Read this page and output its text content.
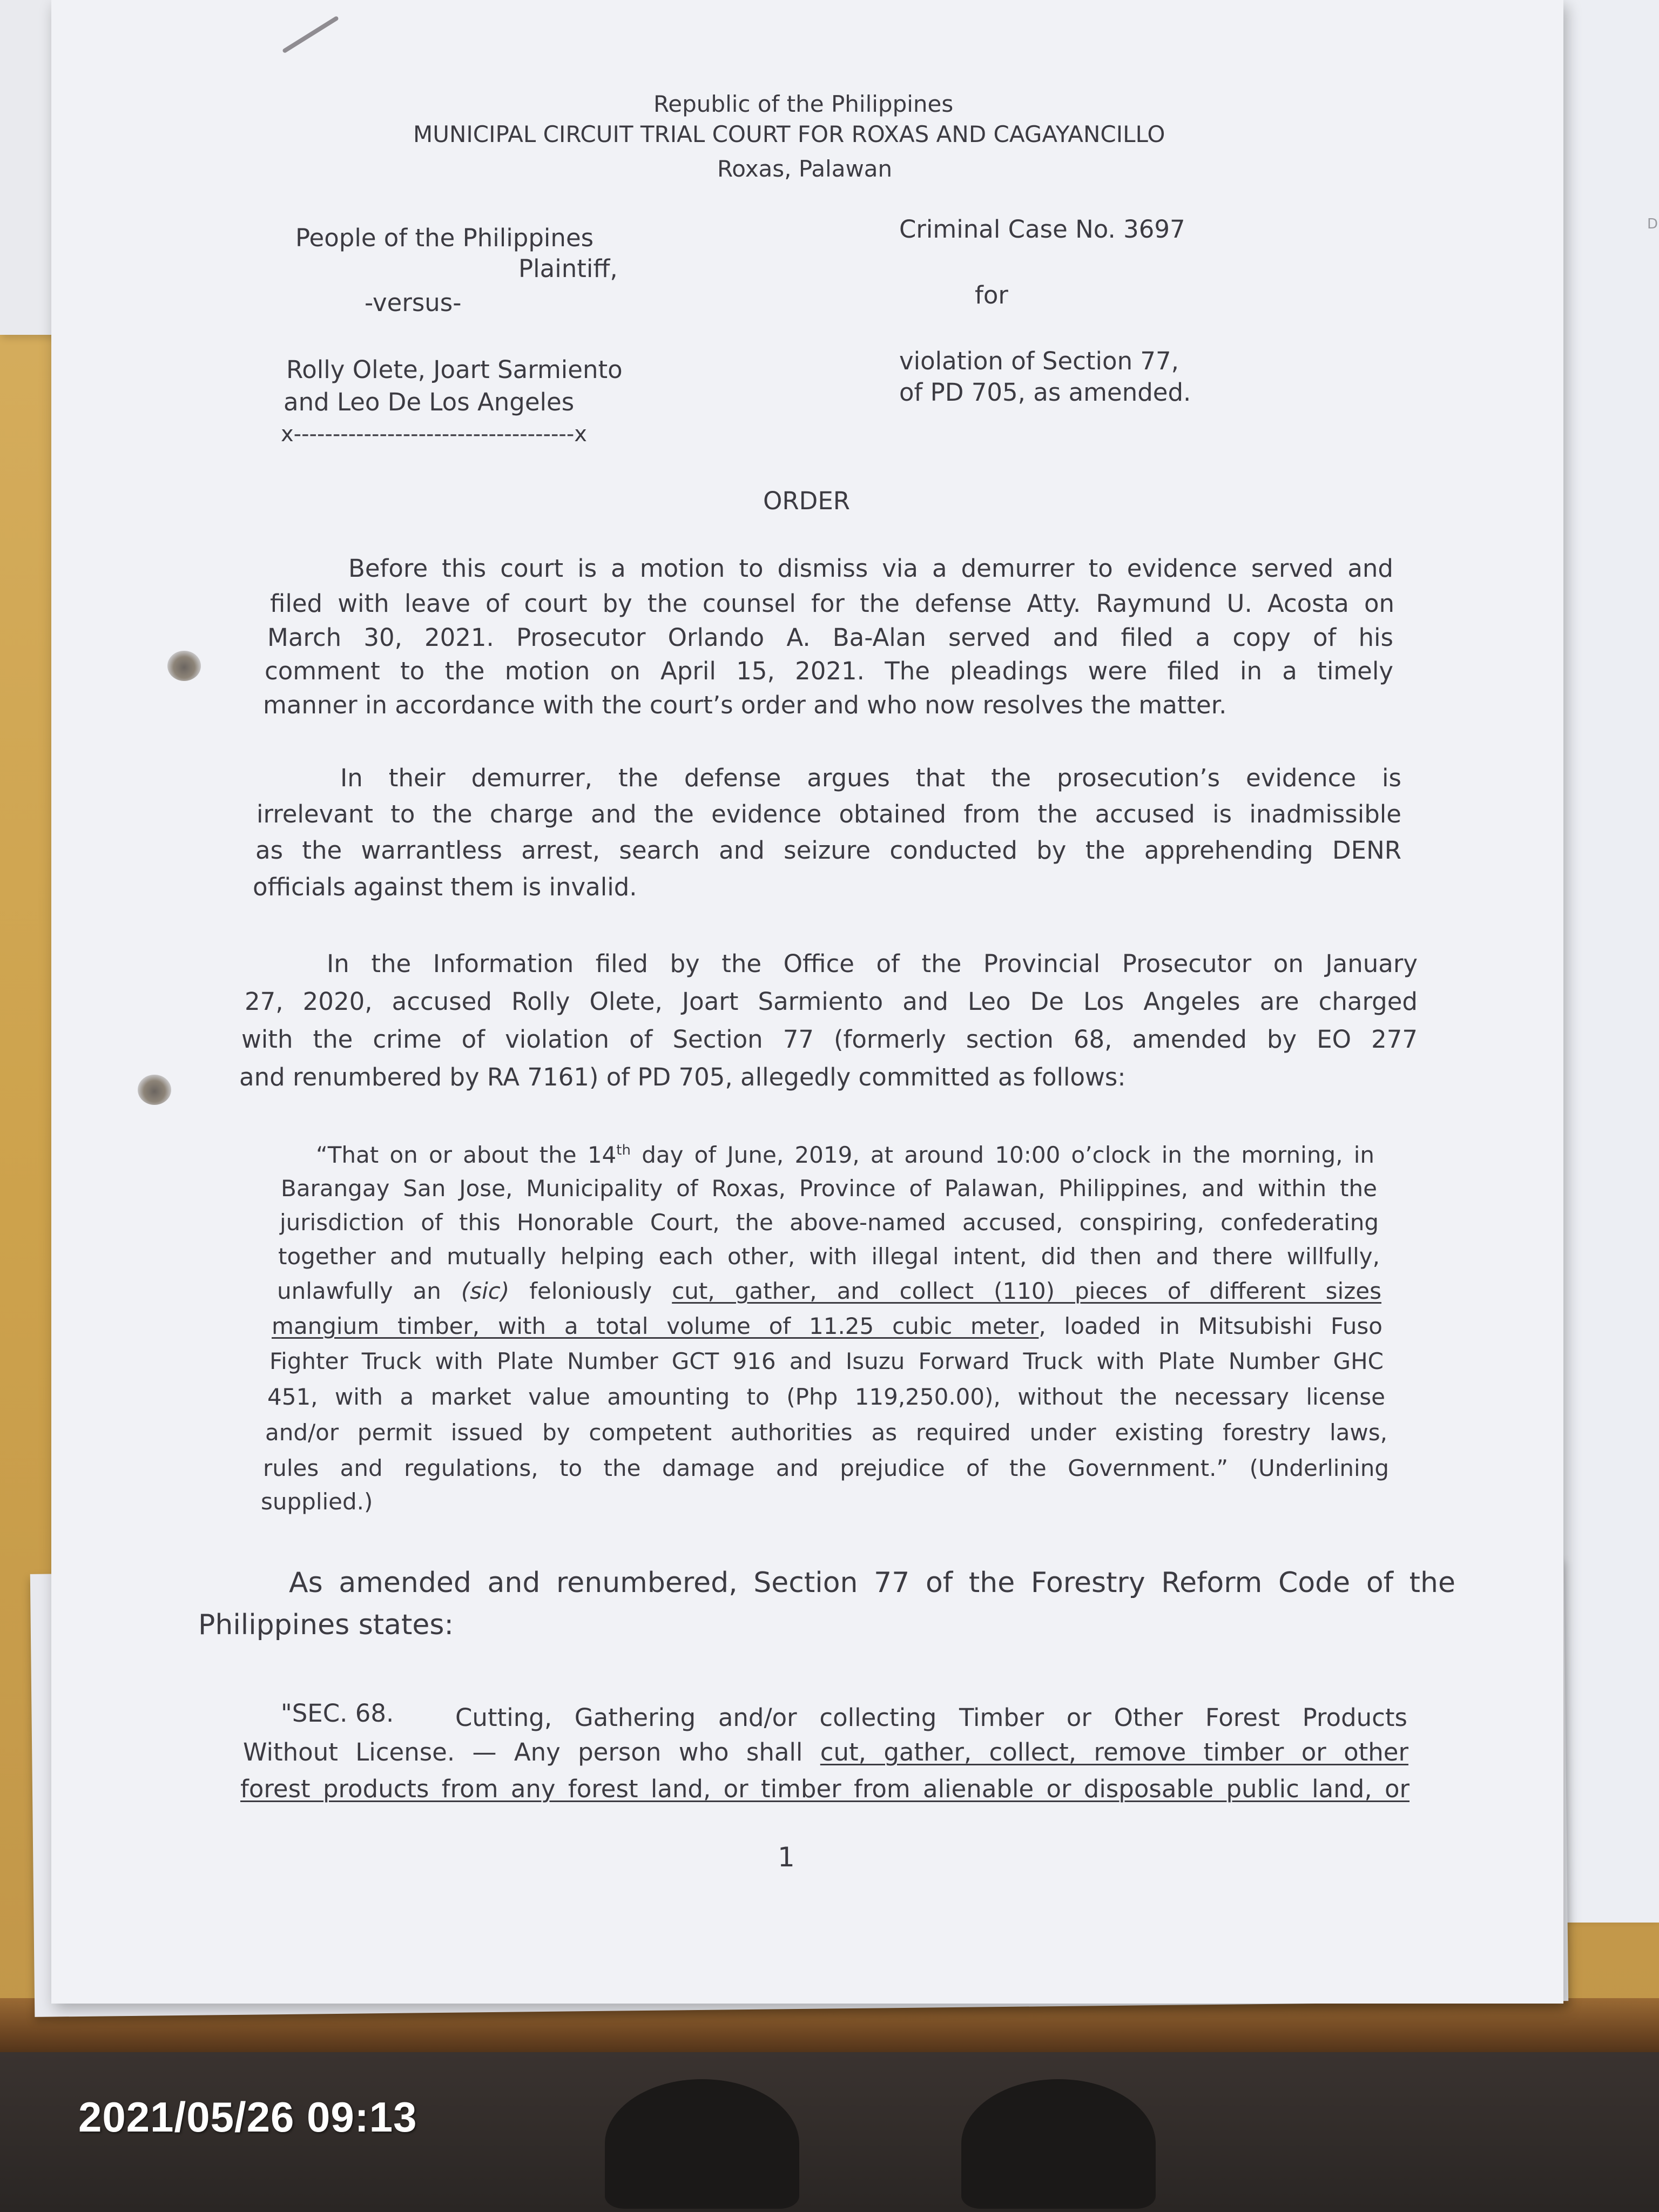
D
Republic of the Philippines
MUNICIPAL CIRCUIT TRIAL COURT FOR ROXAS AND CAGAYANCILLO
Roxas, Palawan
People of the Philippines
Plaintiff,
-versus-
Rolly Olete, Joart Sarmiento
and Leo De Los Angeles
x------------------------------------x
Criminal Case No. 3697
for
violation of Section 77,
of PD 705, as amended.
ORDER
Before this court is a motion to dismiss via a demurrer to evidence served and
filed with leave of court by the counsel for the defense Atty. Raymund U. Acosta on
March 30, 2021. Prosecutor Orlando A. Ba-Alan served and filed a copy of his
comment to the motion on April 15, 2021. The pleadings were filed in a timely
manner in accordance with the court’s order and who now resolves the matter.
In their demurrer, the defense argues that the prosecution’s evidence is
irrelevant to the charge and the evidence obtained from the accused is inadmissible
as the warrantless arrest, search and seizure conducted by the apprehending DENR
officials against them is invalid.
In the Information filed by the Office of the Provincial Prosecutor on January
27, 2020, accused Rolly Olete, Joart Sarmiento and Leo De Los Angeles are charged
with the crime of violation of Section 77 (formerly section 68, amended by EO 277
and renumbered by RA 7161) of PD 705, allegedly committed as follows:
“That on or about the 14th day of June, 2019, at around 10:00 o’clock in the morning, in
Barangay San Jose, Municipality of Roxas, Province of Palawan, Philippines, and within the
jurisdiction of this Honorable Court, the above-named accused, conspiring, confederating
together and mutually helping each other, with illegal intent, did then and there willfully,
unlawfully an (sic) feloniously cut, gather, and collect (110) pieces of different sizes
mangium timber, with a total volume of 11.25 cubic meter, loaded in Mitsubishi Fuso
Fighter Truck with Plate Number GCT 916 and Isuzu Forward Truck with Plate Number GHC
451, with a market value amounting to (Php 119,250.00), without the necessary license
and/or permit issued by competent authorities as required under existing forestry laws,
rules and regulations, to the damage and prejudice of the Government.” (Underlining
supplied.)
As amended and renumbered, Section 77 of the Forestry Reform Code of the
Philippines states:
"SEC. 68.	Cutting, Gathering and/or collecting Timber or Other Forest Products
Without License. — Any person who shall cut, gather, collect, remove timber or other
forest products from any forest land, or timber from alienable or disposable public land, or
1
2021/05/26 09:13
